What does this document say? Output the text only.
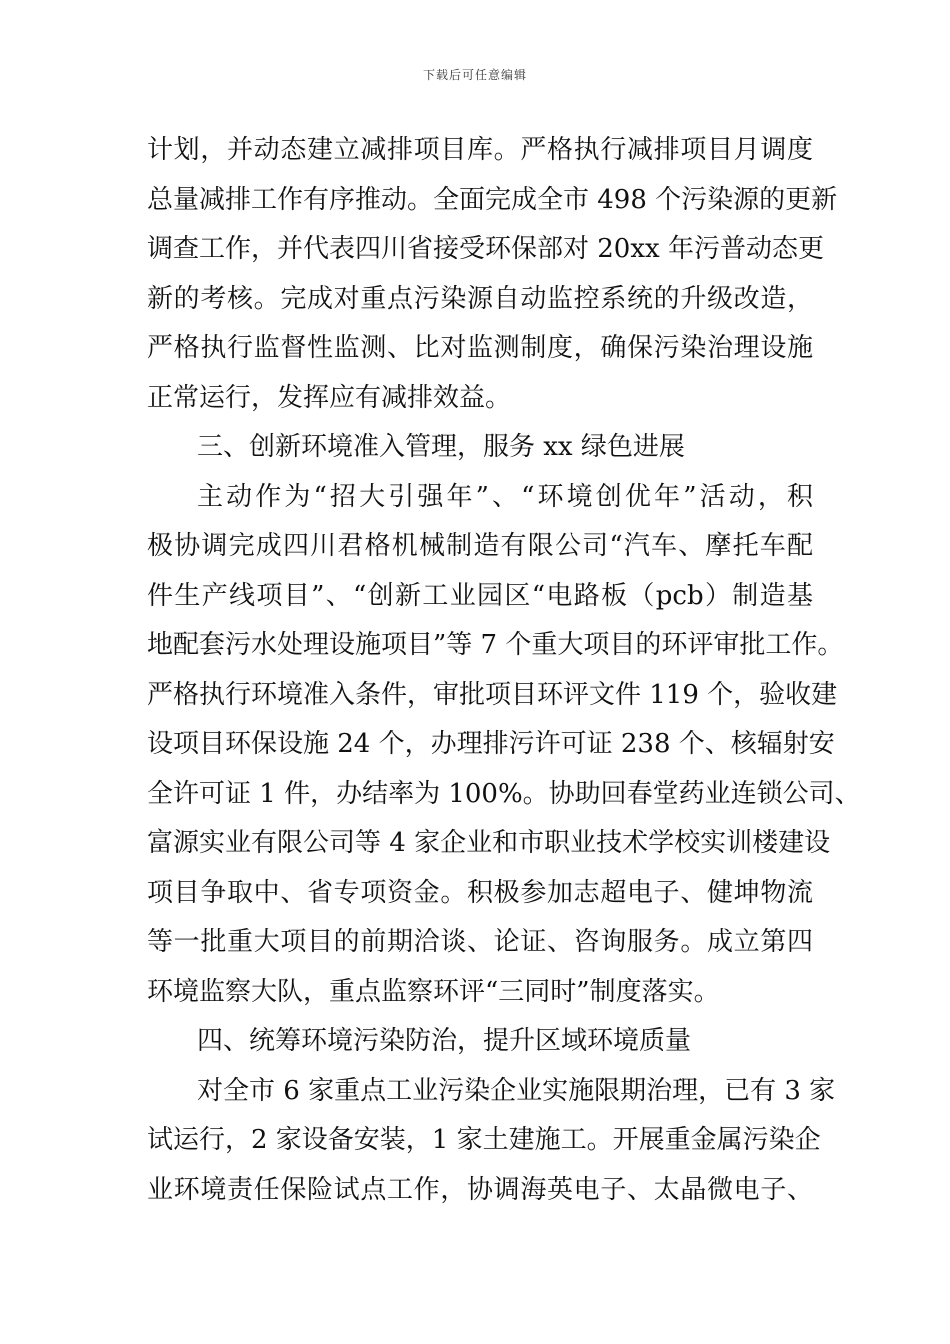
下载后可任意编辑
计划，并动态建立减排项目库。严格执行减排项目月调度
总量减排工作有序推动。全面完成全市 498 个污染源的更新
调查工作，并代表四川省接受环保部对 20xx 年污普动态更
新的考核。完成对重点污染源自动监控系统的升级改造，
严格执行监督性监测、比对监测制度，确保污染治理设施
正常运行，发挥应有减排效益。
三、创新环境准入管理，服务 xx 绿色进展
主动作为“招大引强年”、“环境创优年”活动，积
极协调完成四川君格机械制造有限公司“汽车、摩托车配
件生产线项目”、“创新工业园区“电路板（pcb）制造基
地配套污水处理设施项目”等 7 个重大项目的环评审批工作。
严格执行环境准入条件，审批项目环评文件 119 个，验收建
设项目环保设施 24 个，办理排污许可证 238 个、核辐射安
全许可证 1 件，办结率为 100%。协助回春堂药业连锁公司、
富源实业有限公司等 4 家企业和市职业技术学校实训楼建设
项目争取中、省专项资金。积极参加志超电子、健坤物流
等一批重大项目的前期洽谈、论证、咨询服务。成立第四
环境监察大队，重点监察环评“三同时”制度落实。
四、统筹环境污染防治，提升区域环境质量
对全市 6 家重点工业污染企业实施限期治理，已有 3 家
试运行，2 家设备安装，1 家土建施工。开展重金属污染企
业环境责任保险试点工作，协调海英电子、太晶微电子、
